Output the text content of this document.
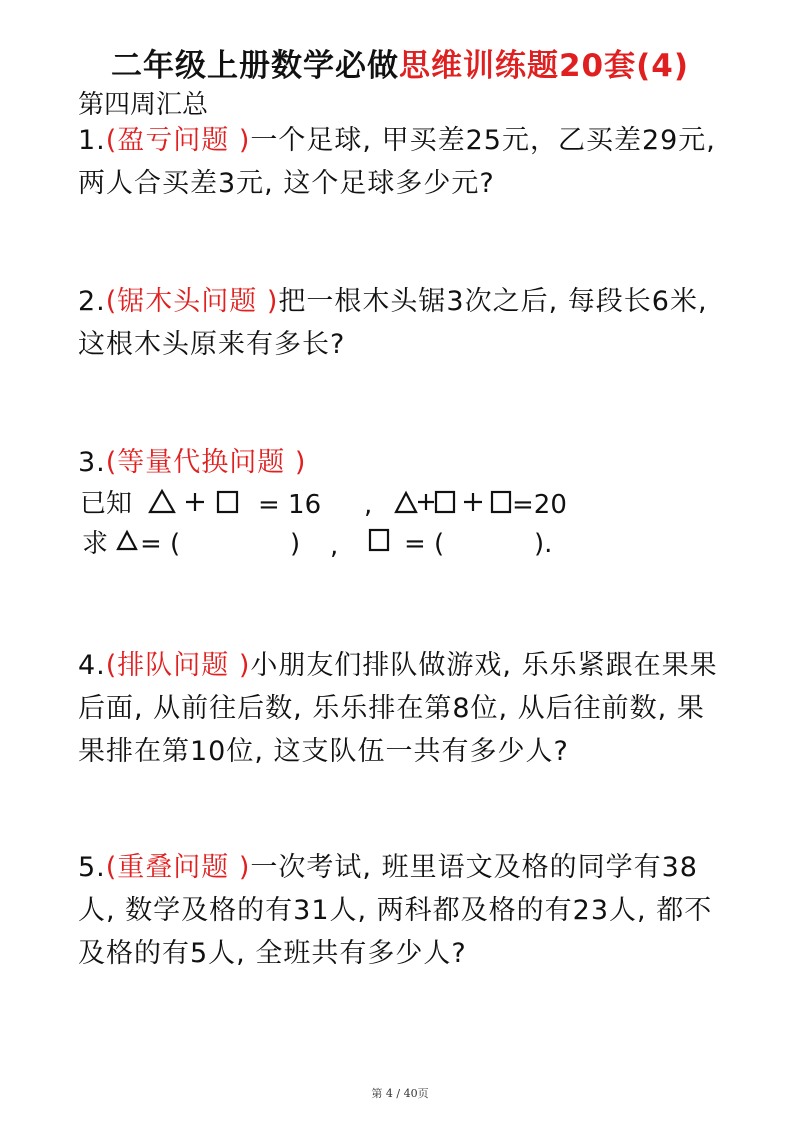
二年级上册数学必做思维训练题20套(4)
第四周汇总
1.(盈亏问题 )一个足球, 甲买差25元，乙买差29元, 两人合买差3元, 这个足球多少元?
2.(锯木头问题 )把一根木头锯3次之后, 每段长6米, 这根木头原来有多长?
3.(等量代换问题 )
已知	= 16 ,	=20
求 = (	) ,	= (	).
4.(排队问题 )小朋友们排队做游戏, 乐乐紧跟在果果后面, 从前往后数, 乐乐排在第8位, 从后往前数, 果果排在第10位, 这支队伍一共有多少人?
5.(重叠问题 )一次考试, 班里语文及格的同学有38人, 数学及格的有31人, 两科都及格的有23人, 都不及格的有5人, 全班共有多少人?
第 4 / 40页
